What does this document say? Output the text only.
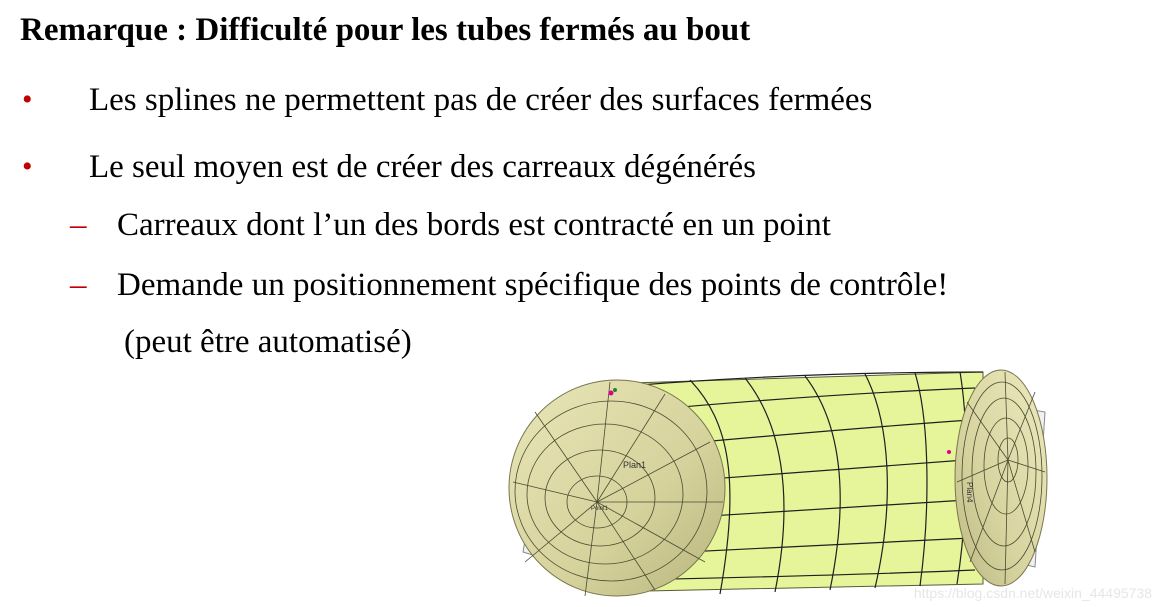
Remarque : Difficulté pour les tubes fermés au bout
• Les splines ne permettent pas de créer des surfaces fermées
• Le seul moyen est de créer des carreaux dégénérés
– Carreaux dont l’un des bords est contracté en un point
– Demande un positionnement spécifique des points de contrôle!
(peut être automatisé)
Plan1
Point1
Plan4
https://blog.csdn.net/weixin_44495738
